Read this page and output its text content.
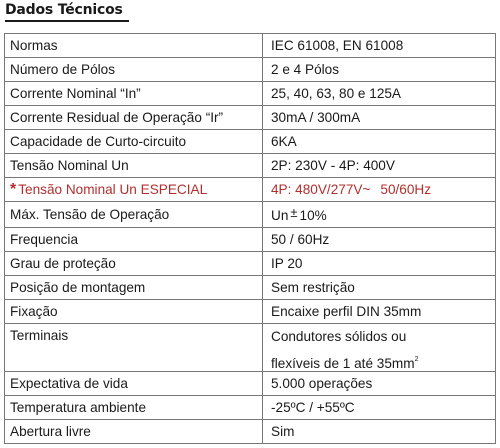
Dados Técnicos
Normas	IEC 61008, EN 61008
Número de Pólos	2 e 4 Pólos
Corrente Nominal “In”	25, 40, 63, 80 e 125A
Corrente Residual de Operação “Ir”	30mA / 300mA
Capacidade de Curto-circuito	6KA
Tensão Nominal Un	2P: 230V - 4P: 400V
* Tensão Nominal Un ESPECIAL	4P: 480V/277V~ 50/60Hz
Máx. Tensão de Operação	Un ± 10%
Frequencia	50 / 60Hz
Grau de proteção	IP 20
Posição de montagem	Sem restrição
Fixação	Encaixe perfil DIN 35mm
Terminais	Condutores sólidos ou
flexíveis de 1 até $35mm^2$

Expectativa de vida	5.000 operações
Temperatura ambiente	-25ºC / +55ºC
Abertura livre	Sim
